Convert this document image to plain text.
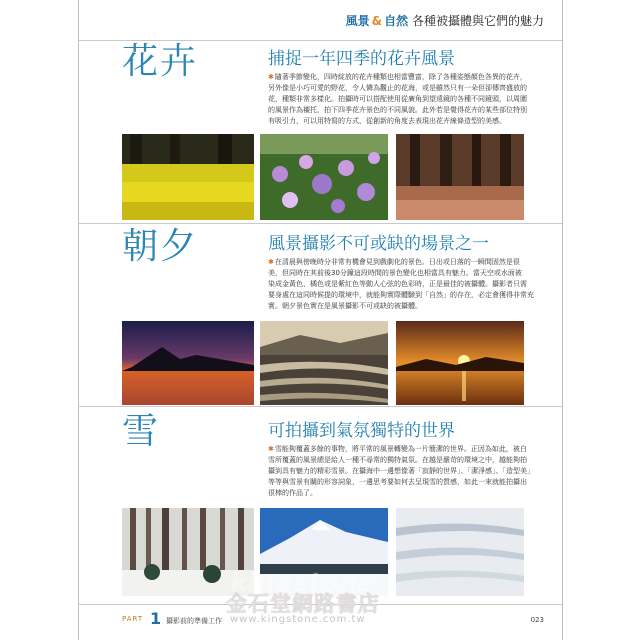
風景 & 自然 各種被攝體與它們的魅力
花卉	捕捉一年四季的花卉風景
✱隨著季節變化，四時綻放的花卉種類也相當豐富，除了各種姿態顏色各異的花卉，
另外像是小巧可愛的野花，令人憐為觀止的花海，或是雖然只有一朵但卻傳齊盛放的
花，種類非常多樣化。拍攝時可以搭配使用從廣角到望遠鏡的各種不同鏡頭，以周圍
的風景作為襯托，拍下四季花卉景色的不同風貌。此外若是覺得花卉的某些部位特別
有吸引力，可以用特寫的方式，從創新的角度去表現出花卉線條造型的美感。
朝夕	風景攝影不可或缺的場景之一
✱在清晨與傍晚時分非常有機會見到戲劇化的景色。日出或日落的一瞬間固然是很
美，但同時在其前後30分鐘這段時間的景色變化也相當具有魅力。當天空或水面被
染成金黃色、橘色或是紫紅色等動人心弦的色彩時，正是最佳的被攝體。攝影者只需
要身處在這同時候提的環境中，就能夠實際體驗到「自然」的存在，必定會獲得非常充
實。朝夕景色實在是風景攝影不可或缺的被攝體。
雪	可拍攝到氣氛獨特的世界
✱雪能夠覆蓋多餘的事物，將平常的風景轉變為一片簡潔的世界。正因為如此，被白
雪所覆蓋的風景總是給人一種不尋常的獨特氣氛。在越是嚴苛的環境之中，越能夠拍
攝到具有魅力的精彩雪景。在攝海中一邊想像著「寂靜的世界」、「潔淨感」、「造型美」
等等與雪景有關的形容詞象，一邊思考要如何去呈現雪的質感，如此一來就能拍攝出
很棒的作品了。
kingstone
PART 1 攝影前的準備工作	023
金石堂網路書店
www.kingstone.com.tw
